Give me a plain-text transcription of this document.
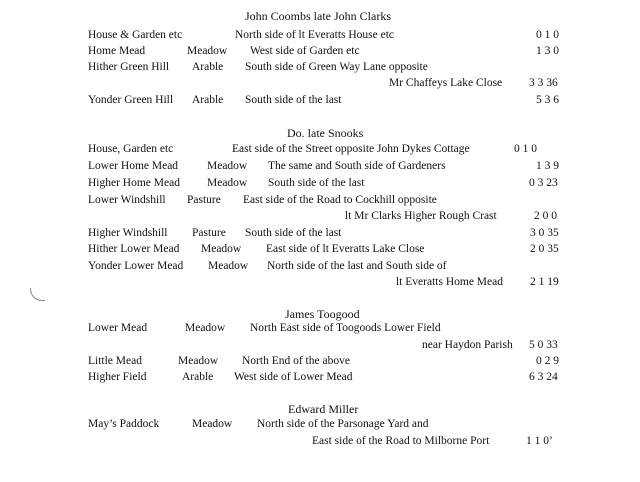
John Coombs late John Clarks
House & Garden etc	North side of lt Everatts House etc	0 1 0
Home Mead	Meadow West side of Garden etc	1 3 0
Hither Green Hill Arable South side of Green Way Lane opposite
Mr Chaffeys Lake Close 3 3 36
Yonder Green Hill Arable South side of the last	5 3 6
Do. late Snooks
House, Garden etc	East side of the Street opposite John Dykes Cottage	0 1 0
Lower Home Mead	Meadow The same and South side of Gardeners	1 3 9
Higher Home Mead Meadow South side of the last	0 3 23
Lower Windshill Pasture East side of the Road to Cockhill opposite
lt Mr Clarks Higher Rough Crast	2 0 0
Higher Windshill Pasture South side of the last	3 0 35
Hither Lower Mead Meadow East side of lt Everatts Lake Close	2 0 35
Yonder Lower Mead Meadow North side of the last and South side of
lt Everatts Home Mead 2 1 19
James Toogood
Lower Mead	Meadow North East side of Toogoods Lower Field
near Haydon Parish 5 0 33
Little Mead	Meadow North End of the above	0 2 9
Higher Field	Arable West side of Lower Mead	6 3 24
Edward Miller
May’s Paddock	Meadow North side of the Parsonage Yard and
East side of the Road to Milborne Port	1 1 0’
